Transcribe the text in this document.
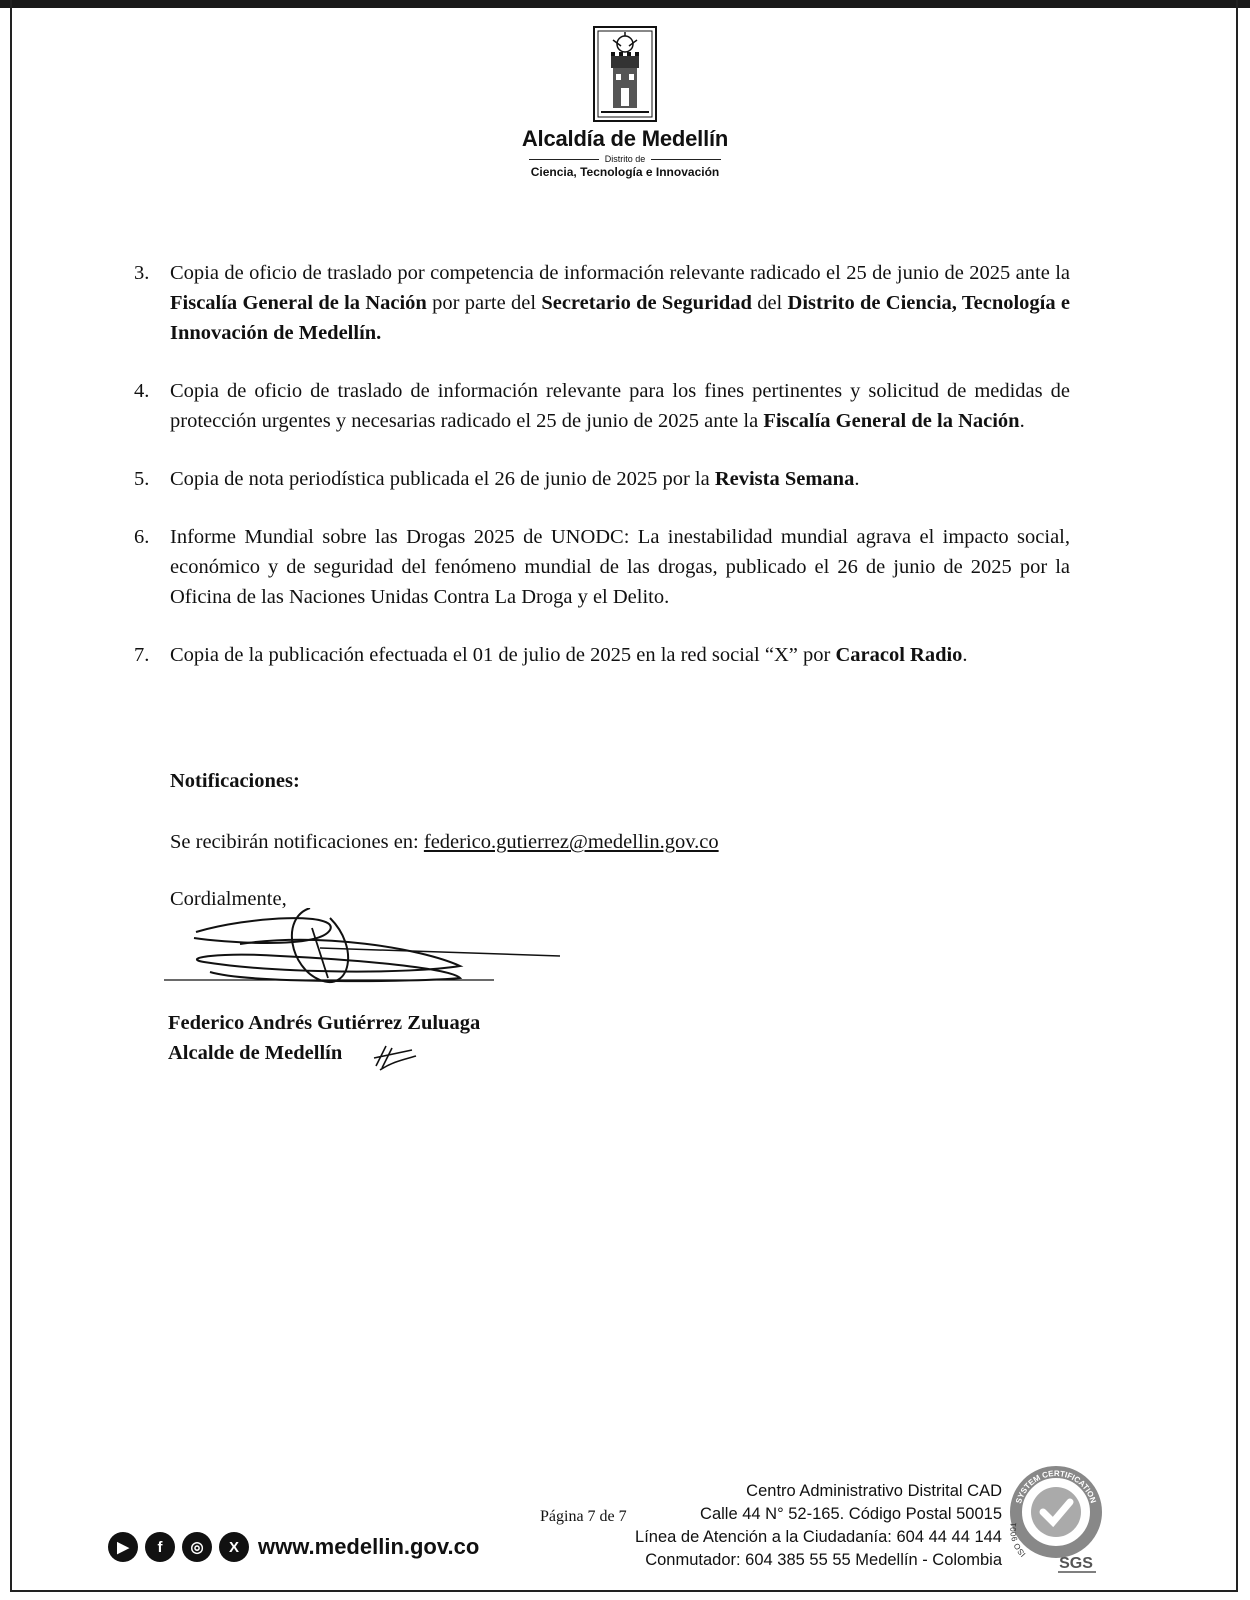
Alcaldía de Medellín
Distrito de
Ciencia, Tecnología e Innovación
3.	Copia de oficio de traslado por competencia de información relevante radicado el 25 de junio de 2025 ante la Fiscalía General de la Nación por parte del Secretario de Seguridad del Distrito de Ciencia, Tecnología e Innovación de Medellín.
4.	Copia de oficio de traslado de información relevante para los fines pertinentes y solicitud de medidas de protección urgentes y necesarias radicado el 25 de junio de 2025 ante la Fiscalía General de la Nación.
5.	Copia de nota periodística publicada el 26 de junio de 2025 por la Revista Semana.
6.	Informe Mundial sobre las Drogas 2025 de UNODC: La inestabilidad mundial agrava el impacto social, económico y de seguridad del fenómeno mundial de las drogas, publicado el 26 de junio de 2025 por la Oficina de las Naciones Unidas Contra La Droga y el Delito.
7.	Copia de la publicación efectuada el 01 de julio de 2025 en la red social “X” por Caracol Radio.
Notificaciones:
Se recibirán notificaciones en: federico.gutierrez@medellin.gov.co
Cordialmente,
Federico Andrés Gutiérrez Zuluaga
Alcalde de Medellín
Página 7 de 7
Centro Administrativo Distrital CAD
Calle 44 N° 52-165. Código Postal 50015
Línea de Atención a la Ciudadanía: 604 44 44 144
Conmutador: 604 385 55 55 Medellín - Colombia
▶	f	◎	X www.medellin.gov.co
SYSTEM CERTIFICATION
ISO 9001
SGS
